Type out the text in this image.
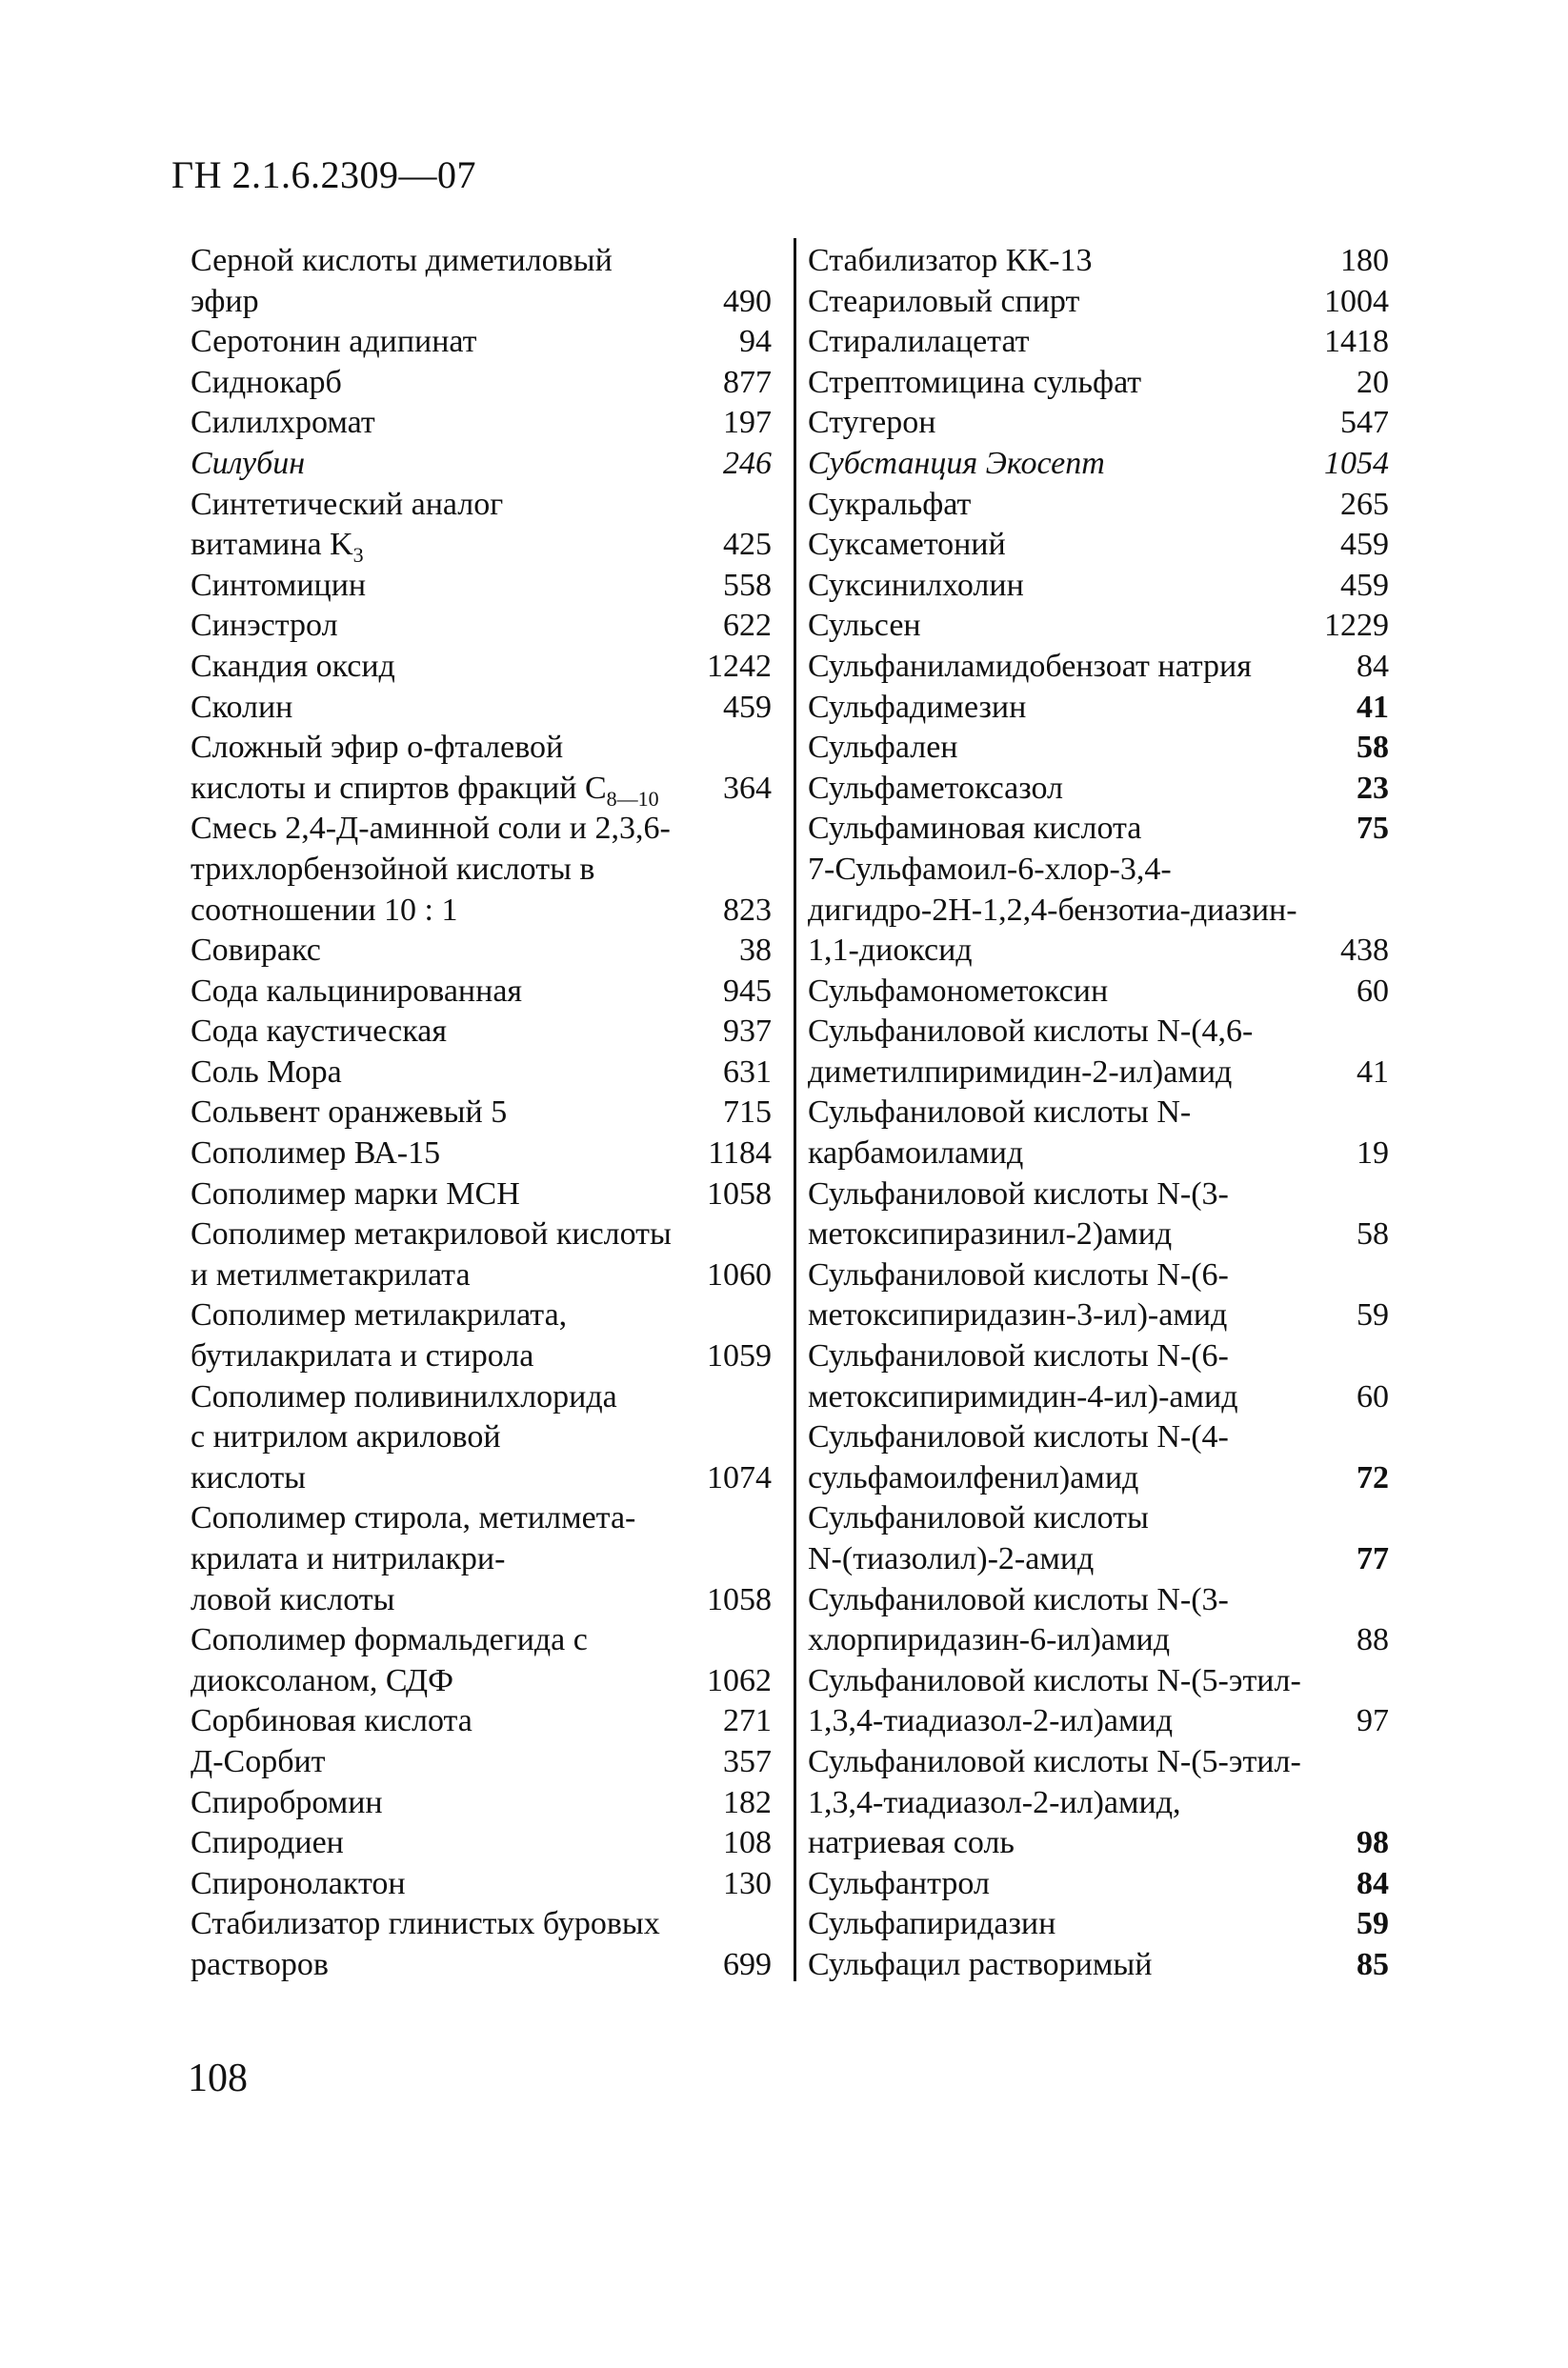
ГН 2.1.6.2309—07
Серной кислоты диметиловый
эфир	490
Серотонин адипинат	94
Сиднокарб	877
Силилхромат	197
Силубин	246
Синтетический аналог
витамина $K_3$	425
Синтомицин	558
Синэстрол	622
Скандия оксид	1242
Сколин	459
Сложный эфир о-фталевой
кислоты и спиртов фракций $C_{8—10}$	364
Смесь 2,4-Д-аминной соли и 2,3,6-
трихлорбензойной кислоты в
соотношении 10 : 1	823
Совиракс	38
Сода кальцинированная	945
Сода каустическая	937
Соль Мора	631
Сольвент оранжевый 5	715
Сополимер ВА-15	1184
Сополимер марки МСН	1058
Сополимер метакриловой кислоты
и метилметакрилата	1060
Сополимер метилакрилата,
бутилакрилата и стирола	1059
Сополимер поливинилхлорида
с нитрилом акриловой
кислоты	1074
Сополимер стирола, метилмета-
крилата и нитрилакри-
ловой кислоты	1058
Сополимер формальдегида с
диоксоланом, СДФ	1062
Сорбиновая кислота	271
Д-Сорбит	357
Спиробромин	182
Спиродиен	108
Спиронолактон	130
Стабилизатор глинистых буровых
растворов	699
Стабилизатор КК-13	180
Стеариловый спирт	1004
Стиралилацетат	1418
Стрептомицина сульфат	20
Стугерон	547
Субстанция Экосепт	1054
Сукральфат	265
Суксаметоний	459
Суксинилхолин	459
Сульсен	1229
Сульфаниламидобензоат натрия	84
Сульфадимезин	41
Сульфален	58
Сульфаметоксазол	23
Сульфаминовая кислота	75
7-Сульфамоил-6-хлор-3,4-
дигидро-2Н-1,2,4-бензотиа-диазин-
1,1-диоксид	438
Сульфамонометоксин	60
Сульфаниловой кислоты N-(4,6-
диметилпиримидин-2-ил)амид	41
Сульфаниловой кислоты N-
карбамоиламид	19
Сульфаниловой кислоты N-(3-
метоксипиразинил-2)амид	58
Сульфаниловой кислоты N-(6-
метоксипиридазин-3-ил)-амид	59
Сульфаниловой кислоты N-(6-
метоксипиримидин-4-ил)-амид	60
Сульфаниловой кислоты N-(4-
сульфамоилфенил)амид	72
Сульфаниловой кислоты
N-(тиазолил)-2-амид	77
Сульфаниловой кислоты N-(3-
хлорпиридазин-6-ил)амид	88
Сульфаниловой кислоты N-(5-этил-
1,3,4-тиадиазол-2-ил)амид	97
Сульфаниловой кислоты N-(5-этил-
1,3,4-тиадиазол-2-ил)амид,
натриевая соль	98
Сульфантрол	84
Сульфапиридазин	59
Сульфацил растворимый	85
108
